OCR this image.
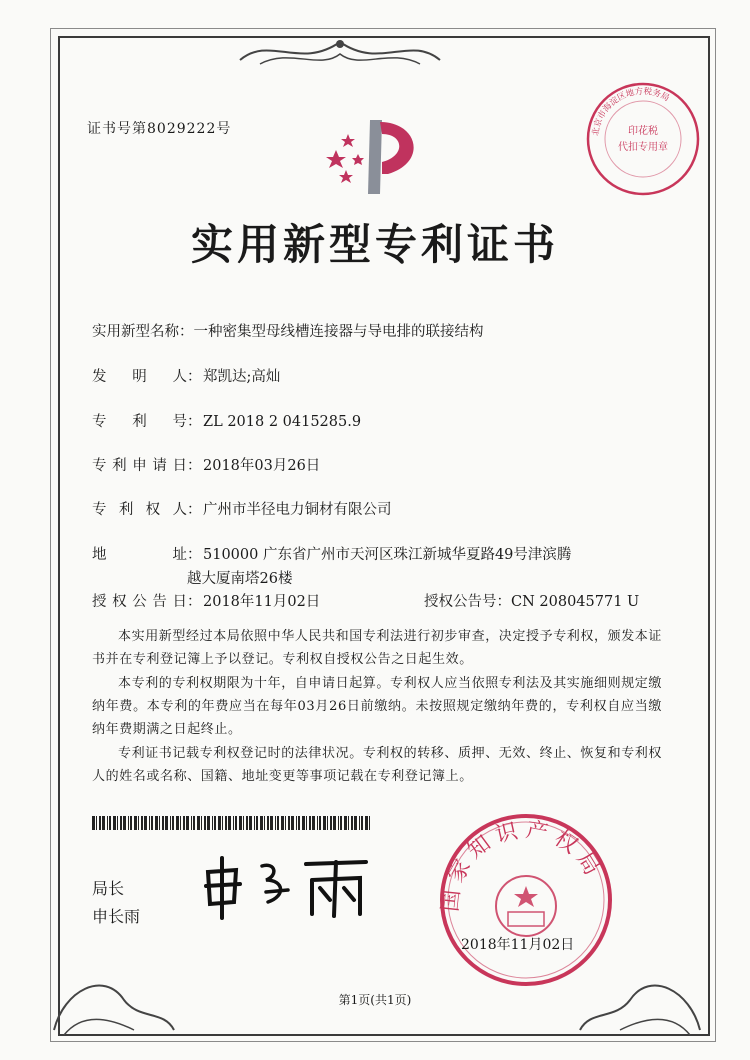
证书号第8029222号	印花税
代扣专用章
北京市海淀区地方税务局
实用新型专利证书
实用新型名称：一种密集型母线槽连接器与导电排的联接结构
发明人： 郑凯达;高灿
专利号： ZL 2018 2 0415285.9
专利申请日： 2018年03月26日
专利权人： 广州市半径电力铜材有限公司
地址： 510000 广东省广州市天河区珠江新城华夏路49号津滨腾
越大厦南塔26楼
授权公告日： 2018年11月02日	授权公告号：CN 208045771 U
本实用新型经过本局依照中华人民共和国专利法进行初步审查，决定授予专利权，颁发本证书并在专利登记簿上予以登记。专利权自授权公告之日起生效。
本专利的专利权期限为十年，自申请日起算。专利权人应当依照专利法及其实施细则规定缴纳年费。本专利的年费应当在每年03月26日前缴纳。未按照规定缴纳年费的，专利权自应当缴纳年费期满之日起终止。
专利证书记载专利权登记时的法律状况。专利权的转移、质押、无效、终止、恢复和专利权人的姓名或名称、国籍、地址变更等事项记载在专利登记簿上。
局长
申长雨
国家知识产权局
2018年11月02日
第1页(共1页)
